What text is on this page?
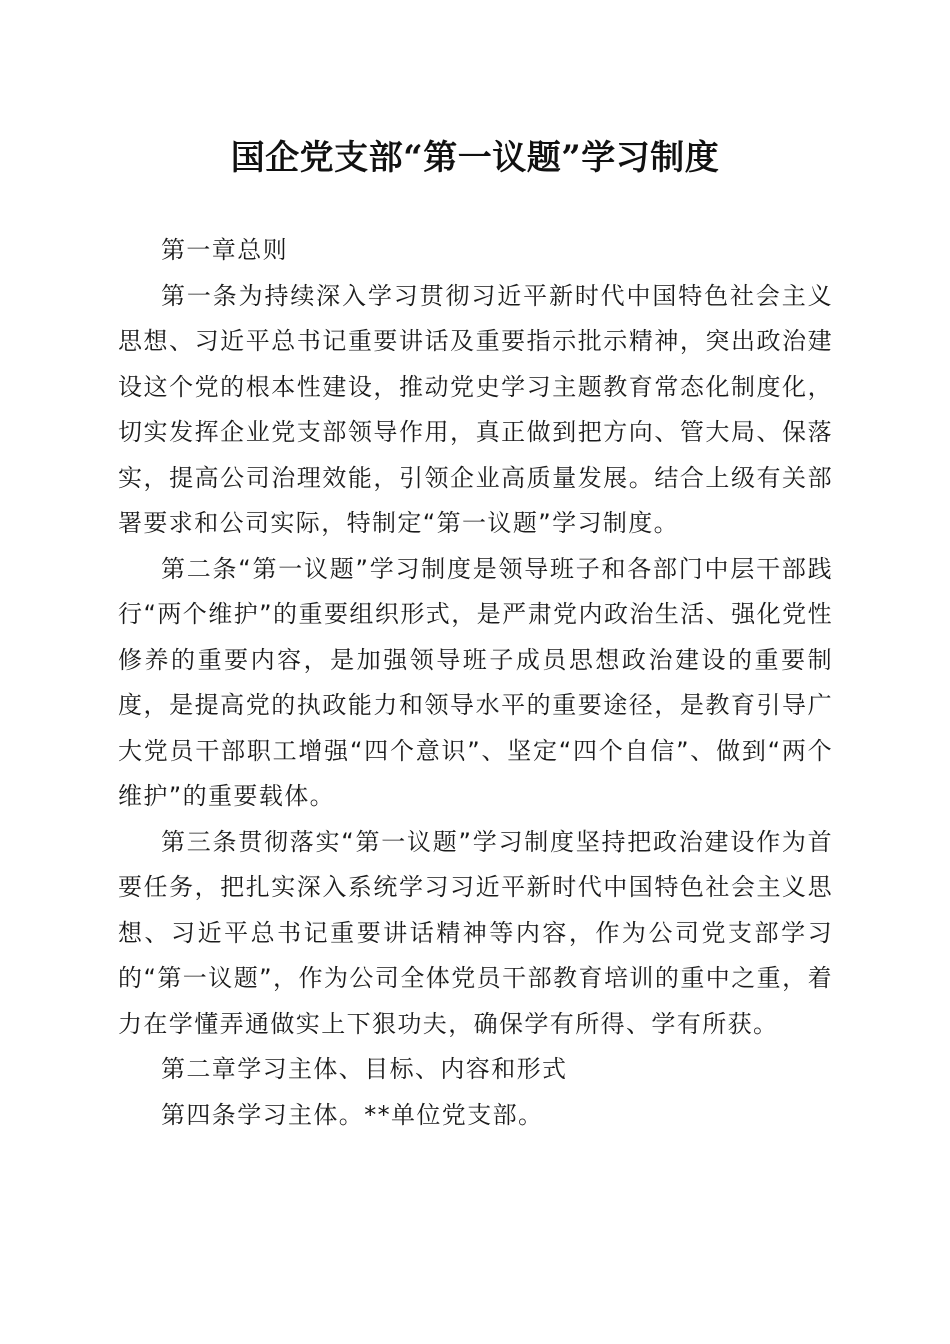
国企党支部“第一议题”学习制度

第一章总则

第一条为持续深入学习贯彻习近平新时代中国特色社会主义思想、习近平总书记重要讲话及重要指示批示精神，突出政治建设这个党的根本性建设，推动党史学习主题教育常态化制度化，切实发挥企业党支部领导作用，真正做到把方向、管大局、保落实，提高公司治理效能，引领企业高质量发展。结合上级有关部署要求和公司实际，特制定“第一议题”学习制度。

第二条“第一议题”学习制度是领导班子和各部门中层干部践行“两个维护”的重要组织形式，是严肃党内政治生活、强化党性修养的重要内容，是加强领导班子成员思想政治建设的重要制度，是提高党的执政能力和领导水平的重要途径，是教育引导广大党员干部职工增强“四个意识”、坚定“四个自信”、做到“两个维护”的重要载体。

第三条贯彻落实“第一议题”学习制度坚持把政治建设作为首要任务，把扎实深入系统学习习近平新时代中国特色社会主义思想、习近平总书记重要讲话精神等内容，作为公司党支部学习的“第一议题”，作为公司全体党员干部教育培训的重中之重，着力在学懂弄通做实上下狠功夫，确保学有所得、学有所获。

第二章学习主体、目标、内容和形式

第四条学习主体。**单位党支部。
